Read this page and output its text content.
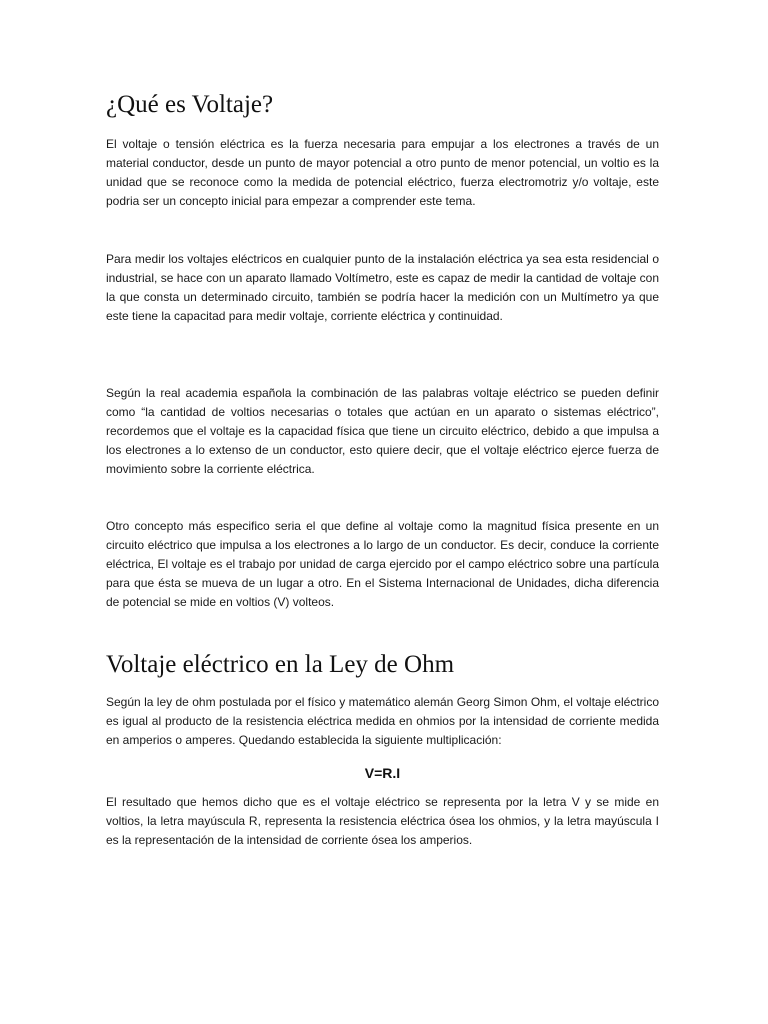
¿Qué es Voltaje?

El voltaje o tensión eléctrica es la fuerza necesaria para empujar a los electrones a través de un material conductor, desde un punto de mayor potencial a otro punto de menor potencial, un voltio es la unidad que se reconoce como la medida de potencial eléctrico, fuerza electromotriz y/o voltaje, este podria ser un concepto inicial para empezar a comprender este tema.

Para medir los voltajes eléctricos en cualquier punto de la instalación eléctrica ya sea esta residencial o industrial, se hace con un aparato llamado Voltímetro, este es capaz de medir la cantidad de voltaje con la que consta un determinado circuito, también se podría hacer la medición con un Multímetro ya que este tiene la capacitad para medir voltaje, corriente eléctrica y continuidad.

Según la real academia española la combinación de las palabras voltaje eléctrico se pueden definir como “la cantidad de voltios necesarias o totales que actúan en un aparato o sistemas eléctrico”, recordemos que el voltaje es la capacidad física que tiene un circuito eléctrico, debido a que impulsa a los electrones a lo extenso de un conductor, esto quiere decir, que el voltaje eléctrico ejerce fuerza de movimiento sobre la corriente eléctrica.

Otro concepto más especifico seria el que define al voltaje como la magnitud física presente en un circuito eléctrico que impulsa a los electrones a lo largo de un conductor. Es decir, conduce la corriente eléctrica, El voltaje es el trabajo por unidad de carga ejercido por el campo eléctrico sobre una partícula para que ésta se mueva de un lugar a otro. En el Sistema Internacional de Unidades, dicha diferencia de potencial se mide en voltios (V) volteos.

Voltaje eléctrico en la Ley de Ohm

Según la ley de ohm postulada por el físico y matemático alemán Georg Simon Ohm, el voltaje eléctrico es igual al producto de la resistencia eléctrica medida en ohmios por la intensidad de corriente medida en amperios o amperes. Quedando establecida la siguiente multiplicación:

V=R.I

El resultado que hemos dicho que es el voltaje eléctrico se representa por la letra V y se mide en voltios, la letra mayúscula R, representa la resistencia eléctrica ósea los ohmios, y la letra mayúscula I es la representación de la intensidad de corriente ósea los amperios.
